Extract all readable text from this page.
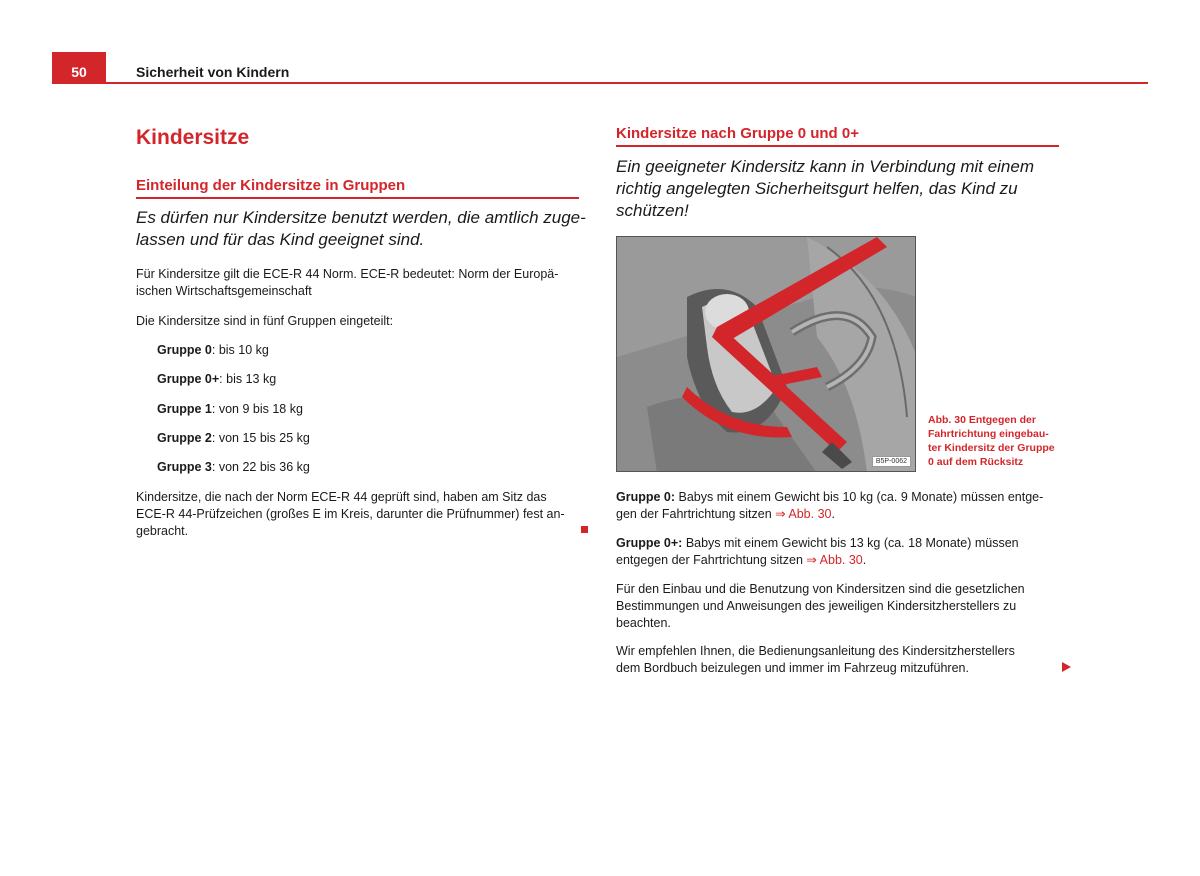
50	Sicherheit von Kindern
Kindersitze
Einteilung der Kindersitze in Gruppen
Es dürfen nur Kindersitze benutzt werden, die amtlich zuge-
lassen und für das Kind geeignet sind.
Für Kindersitze gilt die ECE-R 44 Norm. ECE-R bedeutet: Norm der Europä-
ischen Wirtschaftsgemeinschaft
Die Kindersitze sind in fünf Gruppen eingeteilt:
Gruppe 0: bis 10 kg
Gruppe 0+: bis 13 kg
Gruppe 1: von 9 bis 18 kg
Gruppe 2: von 15 bis 25 kg
Gruppe 3: von 22 bis 36 kg
Kindersitze, die nach der Norm ECE-R 44 geprüft sind, haben am Sitz das
ECE-R 44-Prüfzeichen (großes E im Kreis, darunter die Prüfnummer) fest an-
gebracht.
Kindersitze nach Gruppe 0 und 0+
Ein geeigneter Kindersitz kann in Verbindung mit einem
richtig angelegten Sicherheitsgurt helfen, das Kind zu
schützen!
B5P-0062
Abb. 30 Entgegen der
Fahrtrichtung eingebau-
ter Kindersitz der Gruppe
0 auf dem Rücksitz
Gruppe 0: Babys mit einem Gewicht bis 10 kg (ca. 9 Monate) müssen entge-
gen der Fahrtrichtung sitzen ⇒ Abb. 30.
Gruppe 0+: Babys mit einem Gewicht bis 13 kg (ca. 18 Monate) müssen
entgegen der Fahrtrichtung sitzen ⇒ Abb. 30.
Für den Einbau und die Benutzung von Kindersitzen sind die gesetzlichen
Bestimmungen und Anweisungen des jeweiligen Kindersitzherstellers zu
beachten.
Wir empfehlen Ihnen, die Bedienungsanleitung des Kindersitzherstellers
dem Bordbuch beizulegen und immer im Fahrzeug mitzuführen.
